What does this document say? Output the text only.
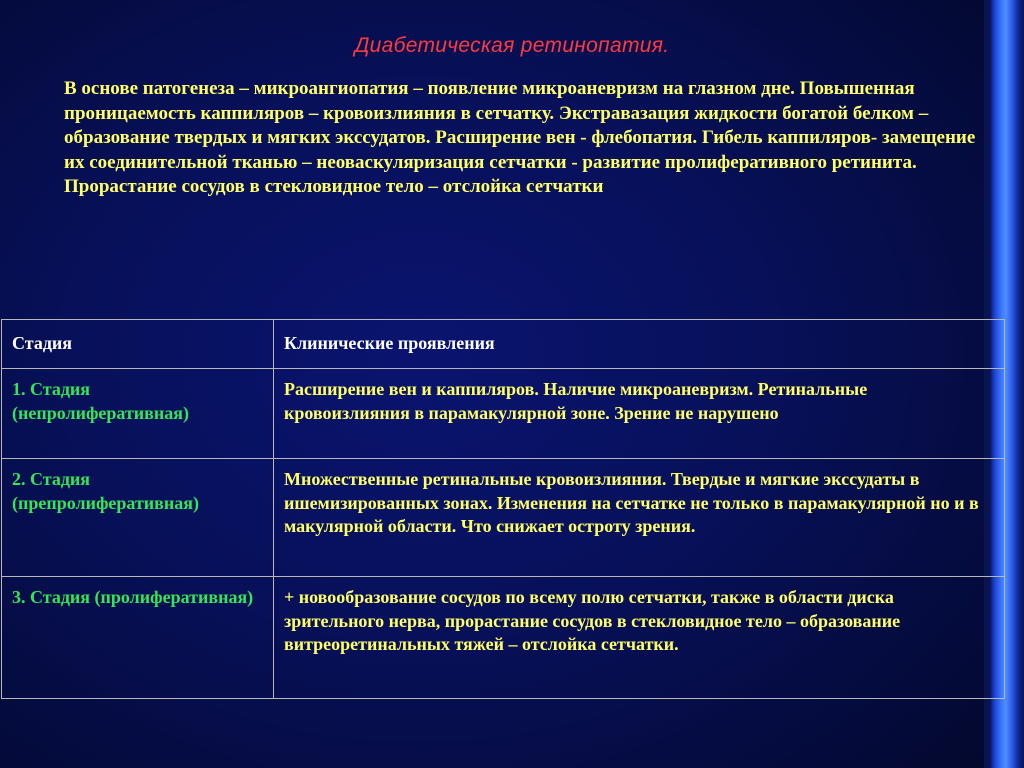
Диабетическая ретинопатия.

В основе патогенеза – микроангиопатия – появление микроаневризм на глазном дне. Повышенная проницаемость каппиляров – кровоизлияния в сетчатку. Экстравазация жидкости богатой белком – образование твердых и мягких экссудатов. Расширение вен - флебопатия. Гибель каппиляров- замещение их соединительной тканью – неоваскуляризация сетчатки - развитие пролиферативного ретинита. Прорастание сосудов в стекловидное тело – отслойка сетчатки

Стадия	Клинические проявления
1. Стадия (непролиферативная)	Расширение вен и каппиляров. Наличие микроаневризм. Ретинальные кровоизлияния в парамакулярной зоне. Зрение не нарушено
2. Стадия (препролиферативная)	Множественные ретинальные кровоизлияния. Твердые и мягкие экссудаты в ишемизированных зонах. Изменения на сетчатке не только в парамакулярной но и в макулярной области. Что снижает остроту зрения.
3. Стадия (пролиферативная)	+ новообразование сосудов по всему полю сетчатки, также в области диска зрительного нерва, прорастание сосудов в стекловидное тело – образование витреоретинальных тяжей – отслойка сетчатки.
